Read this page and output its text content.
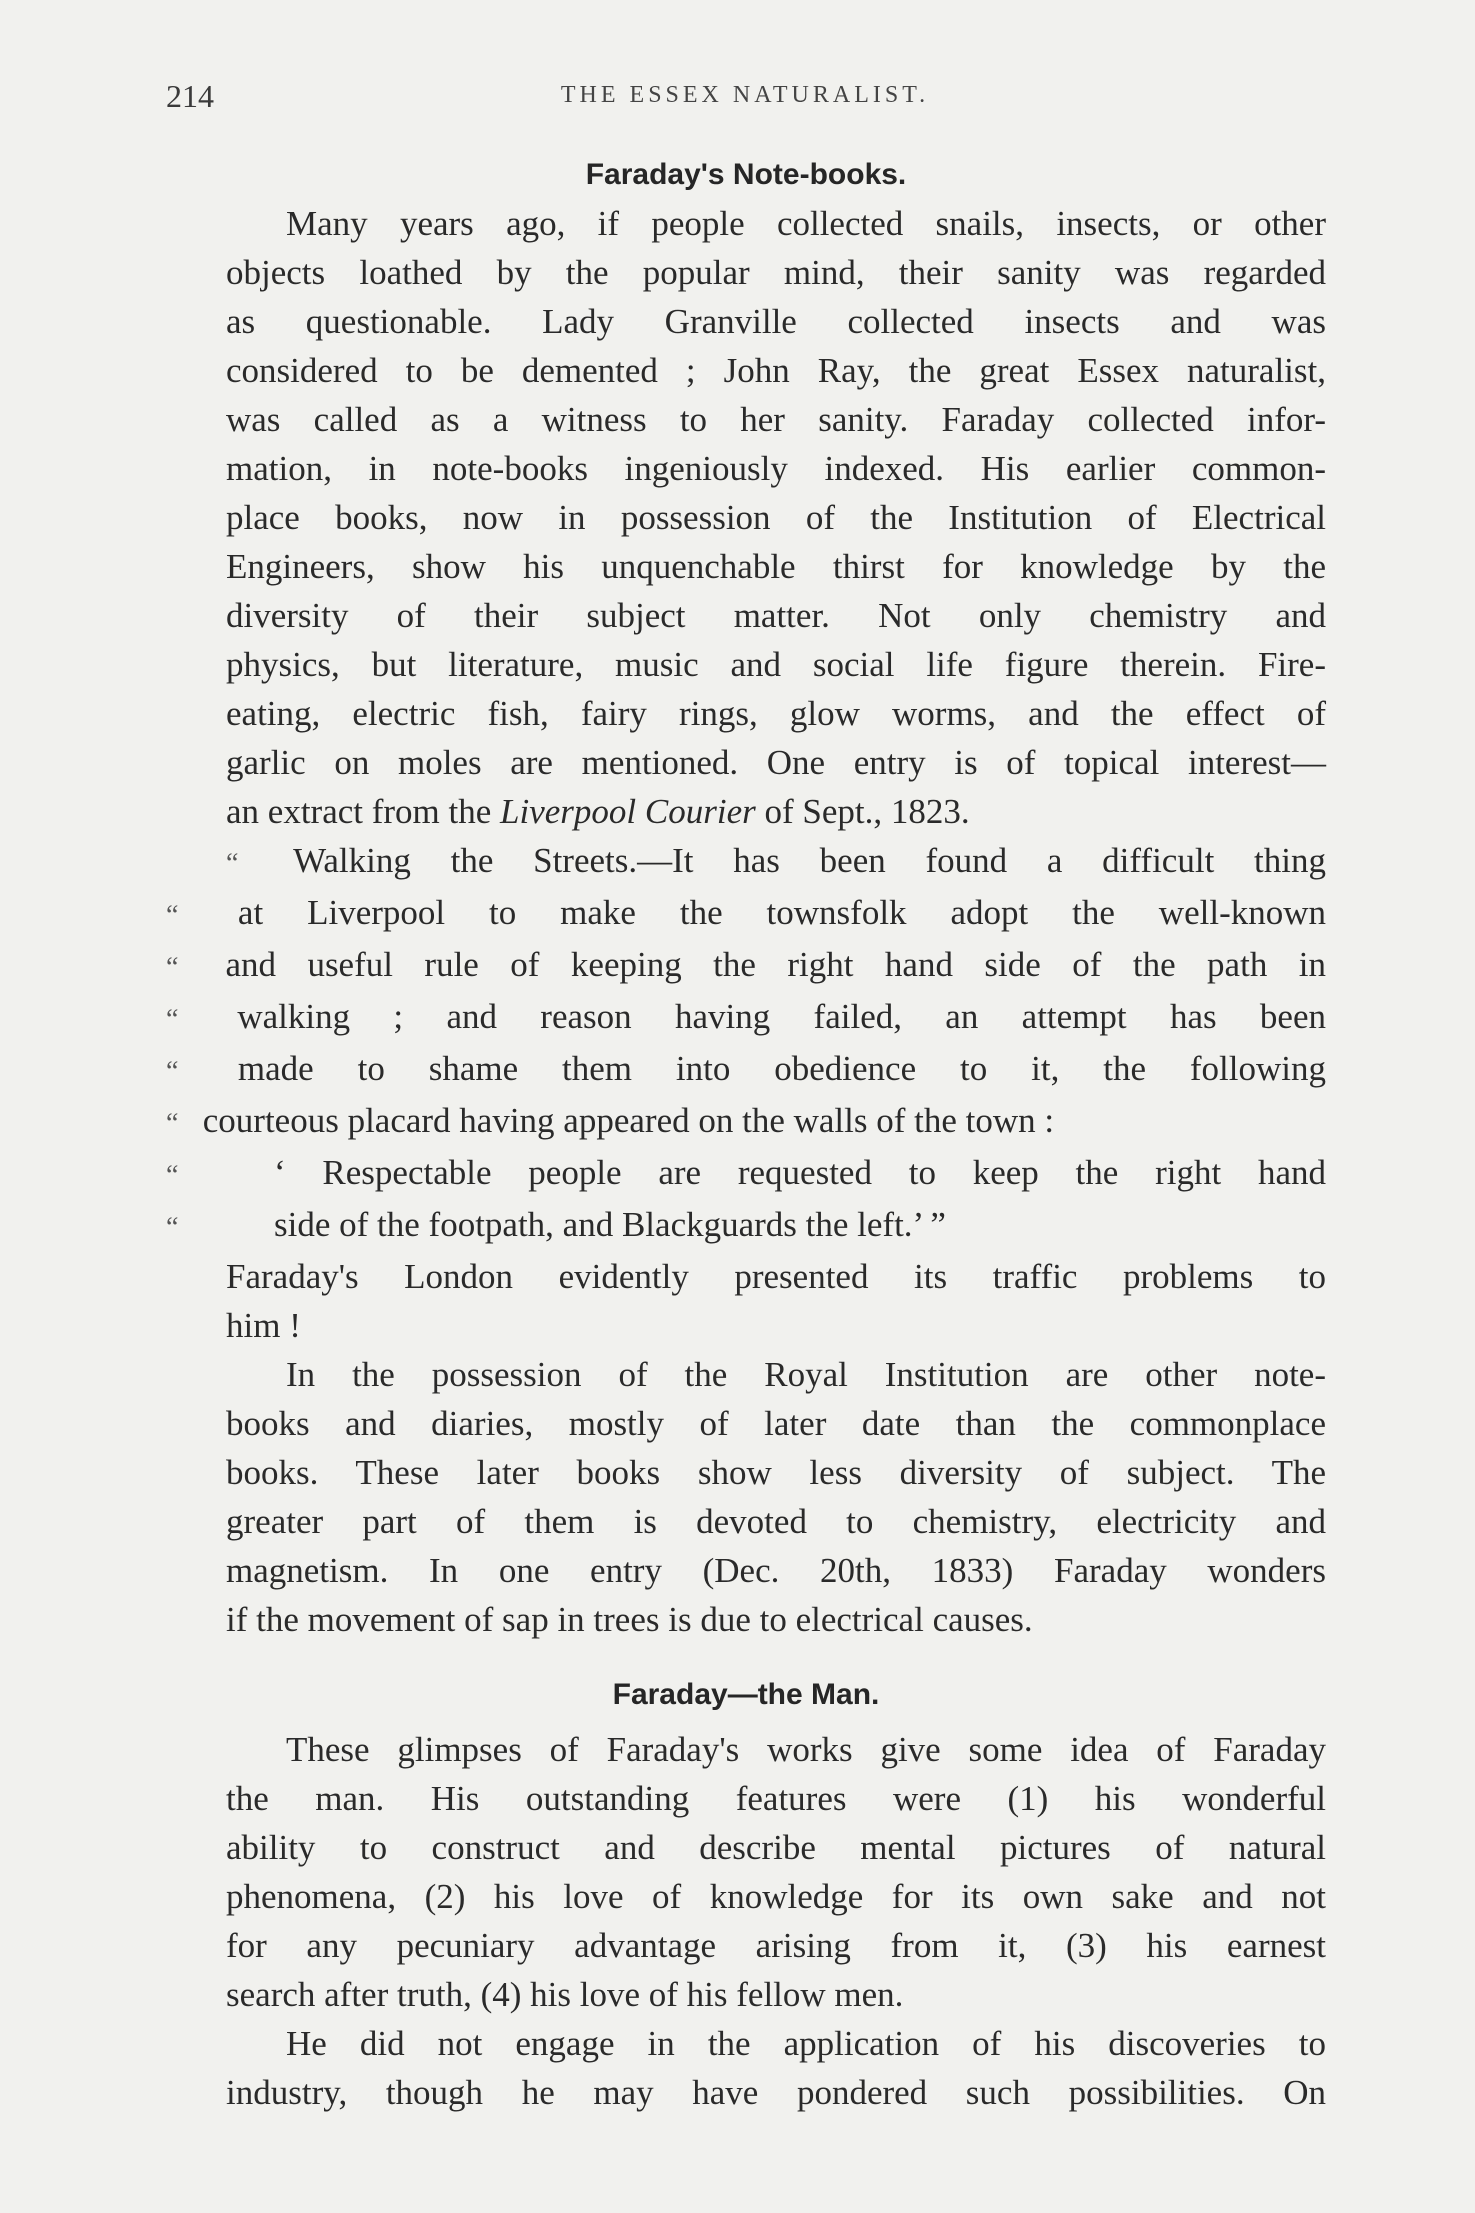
214	THE ESSEX NATURALIST.
Faraday's Note-books.
Many years ago, if people collected snails, insects, or other
objects loathed by the popular mind, their sanity was regarded
as questionable. Lady Granville collected insects and was
considered to be demented ; John Ray, the great Essex naturalist,
was called as a witness to her sanity. Faraday collected infor-
mation, in note-books ingeniously indexed. His earlier common-
place books, now in possession of the Institution of Electrical
Engineers, show his unquenchable thirst for knowledge by the
diversity of their subject matter. Not only chemistry and
physics, but literature, music and social life figure therein. Fire-
eating, electric fish, fairy rings, glow worms, and the effect of
garlic on moles are mentioned. One entry is of topical interest—
an extract from the Liverpool Courier of Sept., 1823.
“ Walking the Streets.—It has been found a difficult thing
“ at Liverpool to make the townsfolk adopt the well-known
“ and useful rule of keeping the right hand side of the path in
“ walking ; and reason having failed, an attempt has been
“ made to shame them into obedience to it, the following
“ courteous placard having appeared on the walls of the town :
“	‘ Respectable people are requested to keep the right hand
“	side of the footpath, and Blackguards the left.’ ”
Faraday's London evidently presented its traffic problems to
him !
In the possession of the Royal Institution are other note-
books and diaries, mostly of later date than the commonplace
books. These later books show less diversity of subject. The
greater part of them is devoted to chemistry, electricity and
magnetism. In one entry (Dec. 20th, 1833) Faraday wonders
if the movement of sap in trees is due to electrical causes.
Faraday—the Man.
These glimpses of Faraday's works give some idea of Faraday
the man. His outstanding features were (1) his wonderful
ability to construct and describe mental pictures of natural
phenomena, (2) his love of knowledge for its own sake and not
for any pecuniary advantage arising from it, (3) his earnest
search after truth, (4) his love of his fellow men.
He did not engage in the application of his discoveries to
industry, though he may have pondered such possibilities. On
